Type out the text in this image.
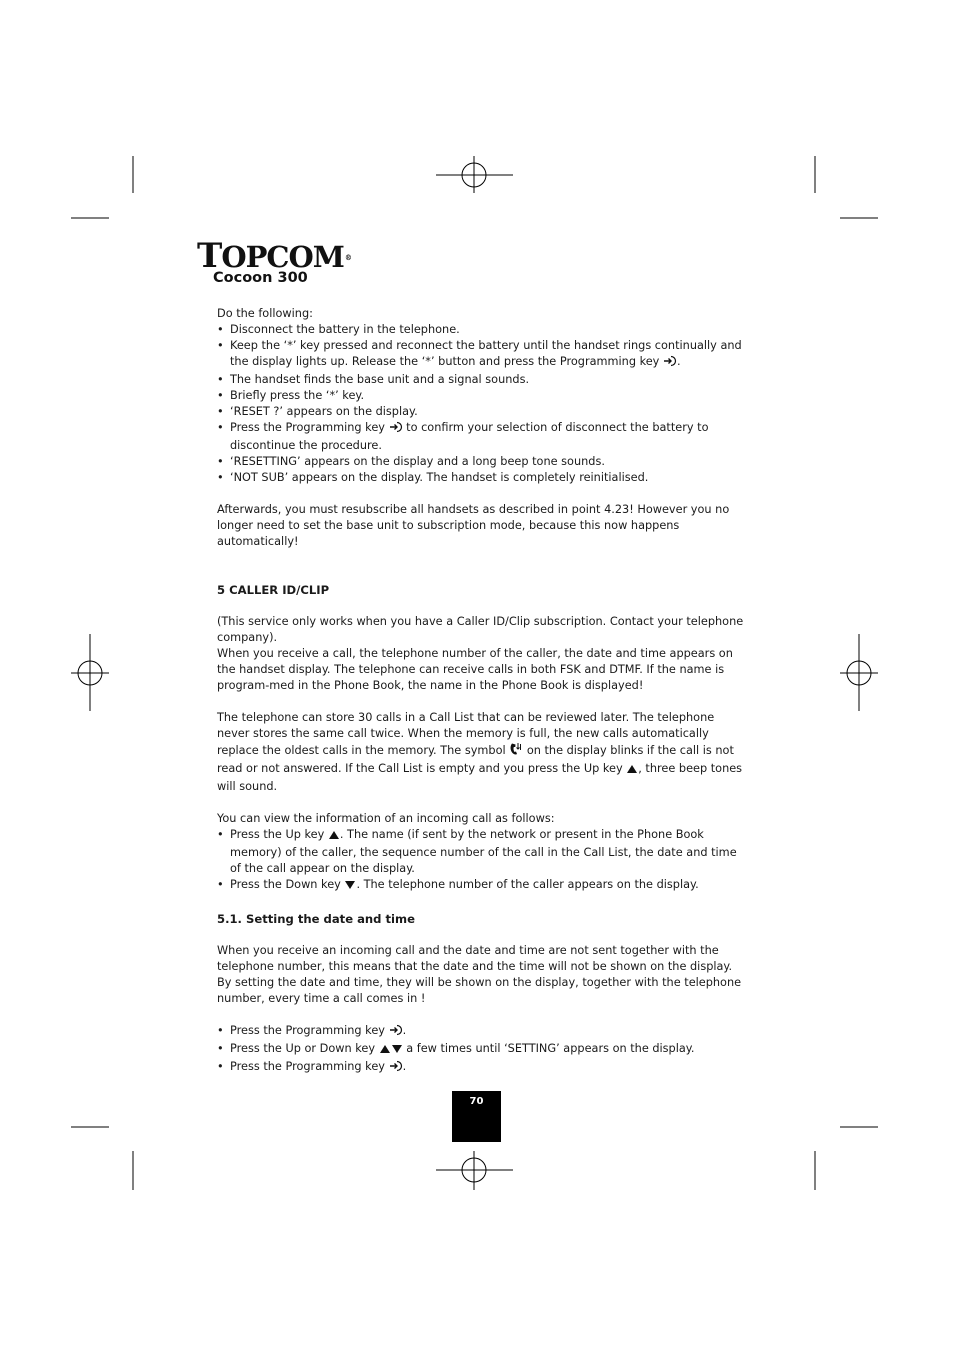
TOPCOM®
Cocoon 300

Do the following:

• Disconnect the battery in the telephone.
• Keep the ‘*’ key pressed and reconnect the battery until the handset rings continually and the display lights up. Release the ‘*’ button and press the Programming key .
• The handset finds the base unit and a signal sounds.
• Briefly press the ‘*’ key.
• ‘RESET ?’ appears on the display.
• Press the Programming key to confirm your selection of disconnect the battery to discontinue the procedure.
• ‘RESETTING’ appears on the display and a long beep tone sounds.
• ‘NOT SUB’ appears on the display. The handset is completely reinitialised.

Afterwards, you must resubscribe all handsets as described in point 4.23! However you no longer need to set the base unit to subscription mode, because this now happens automatically!

5 CALLER ID/CLIP

(This service only works when you have a Caller ID/Clip subscription. Contact your telephone company).

When you receive a call, the telephone number of the caller, the date and time appears on the handset display. The telephone can receive calls in both FSK and DTMF. If the name is program-med in the Phone Book, the name in the Phone Book is displayed!

The telephone can store 30 calls in a Call List that can be reviewed later. The telephone never stores the same call twice. When the memory is full, the new calls automatically replace the oldest calls in the memory. The symbol on the display blinks if the call is not read or not answered. If the Call List is empty and you press the Up key , three beep tones will sound.

You can view the information of an incoming call as follows:

• Press the Up key . The name (if sent by the network or present in the Phone Book memory) of the caller, the sequence number of the call in the Call List, the date and time of the call appear on the display.
• Press the Down key . The telephone number of the caller appears on the display.

5.1. Setting the date and time

When you receive an incoming call and the date and time are not sent together with the telephone number, this means that the date and the time will not be shown on the display. By setting the date and time, they will be shown on the display, together with the telephone number, every time a call comes in !

• Press the Programming key .
• Press the Up or Down key	a few times until ‘SETTING’ appears on the display.
• Press the Programming key .
70
